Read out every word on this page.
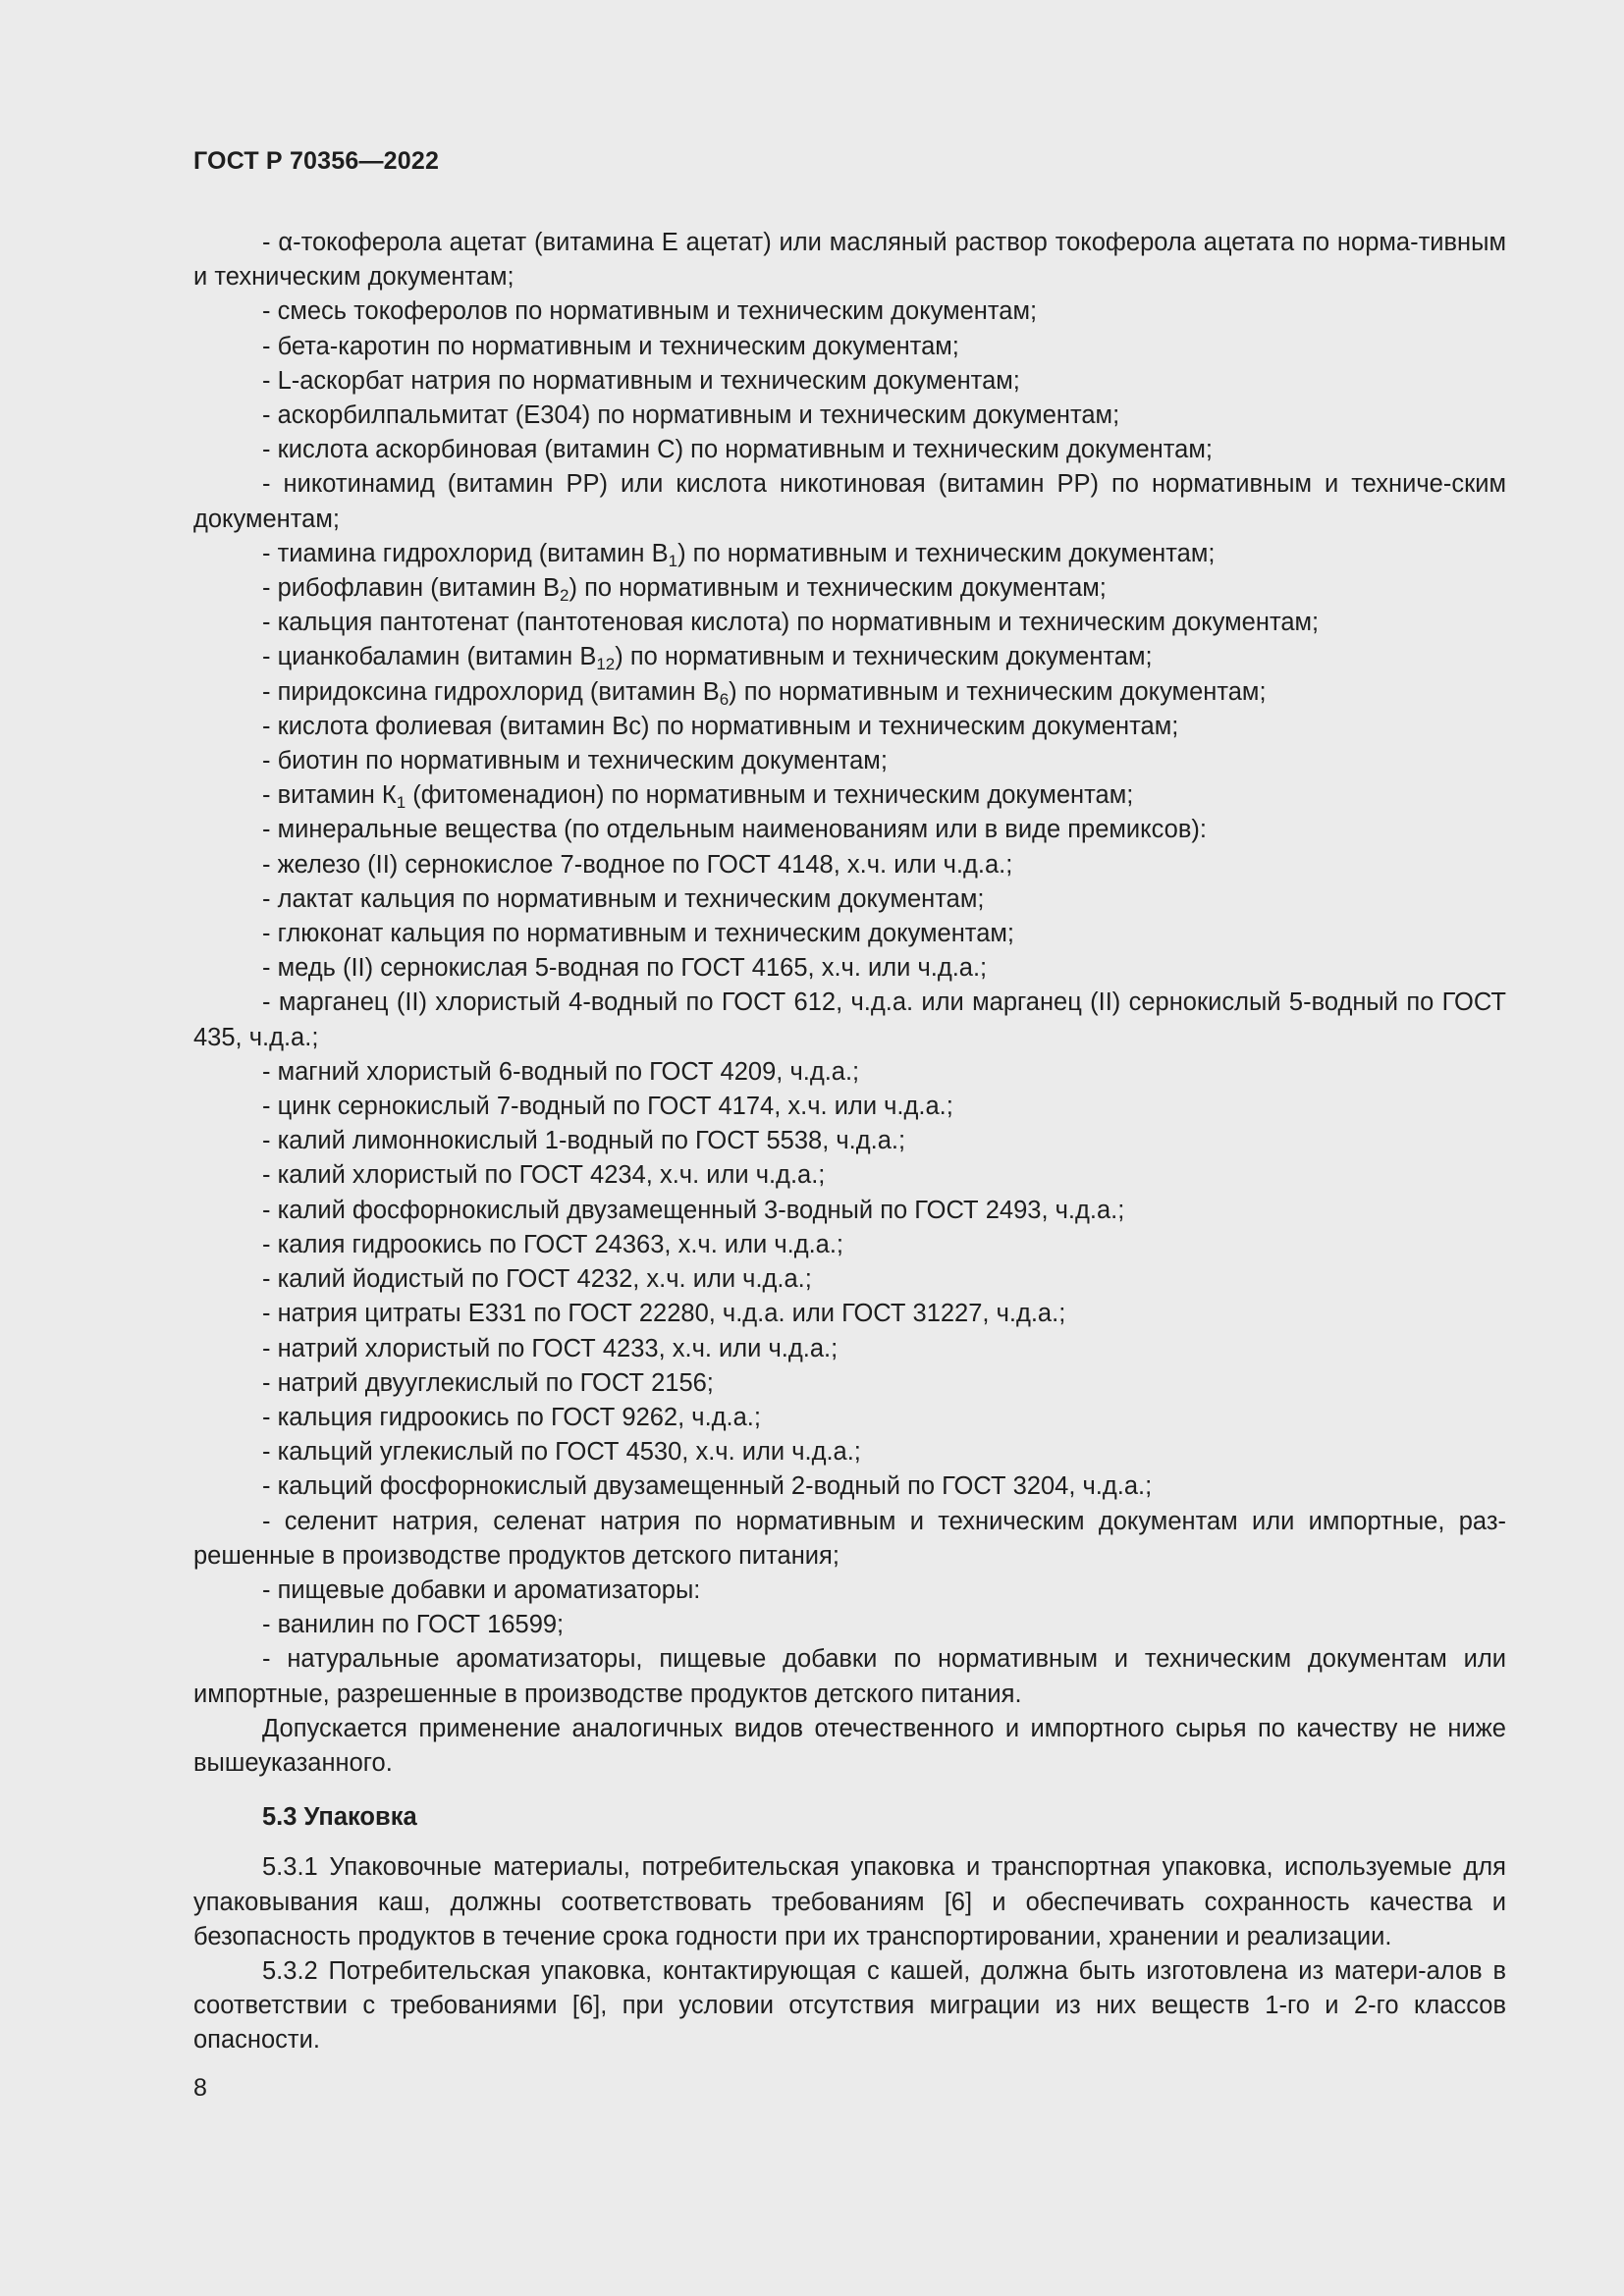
ГОСТ Р 70356—2022

- α-токоферола ацетат (витамина Е ацетат) или масляный раствор токоферола ацетата по норма-тивным и техническим документам;

- смесь токоферолов по нормативным и техническим документам;

- бета-каротин по нормативным и техническим документам;

- L-аскорбат натрия по нормативным и техническим документам;

- аскорбилпальмитат (Е304) по нормативным и техническим документам;

- кислота аскорбиновая (витамин С) по нормативным и техническим документам;

- никотинамид (витамин РР) или кислота никотиновая (витамин РР) по нормативным и техниче-ским документам;

- тиамина гидрохлорид (витамин $В_1$) по нормативным и техническим документам;

- рибофлавин (витамин $В_2$) по нормативным и техническим документам;

- кальция пантотенат (пантотеновая кислота) по нормативным и техническим документам;

- цианкобаламин (витамин $В_{12}$) по нормативным и техническим документам;

- пиридоксина гидрохлорид (витамин $В_6$) по нормативным и техническим документам;

- кислота фолиевая (витамин Вс) по нормативным и техническим документам;

- биотин по нормативным и техническим документам;

- витамин $К_1$ (фитоменадион) по нормативным и техническим документам;

- минеральные вещества (по отдельным наименованиям или в виде премиксов):

- железо (II) сернокислое 7-водное по ГОСТ 4148, х.ч. или ч.д.а.;

- лактат кальция по нормативным и техническим документам;

- глюконат кальция по нормативным и техническим документам;

- медь (II) сернокислая 5-водная по ГОСТ 4165, х.ч. или ч.д.а.;

- марганец (II) хлористый 4-водный по ГОСТ 612, ч.д.а. или марганец (II) сернокислый 5-водный по ГОСТ 435, ч.д.а.;

- магний хлористый 6-водный по ГОСТ 4209, ч.д.а.;

- цинк сернокислый 7-водный по ГОСТ 4174, х.ч. или ч.д.а.;

- калий лимоннокислый 1-водный по ГОСТ 5538, ч.д.а.;

- калий хлористый по ГОСТ 4234, х.ч. или ч.д.а.;

- калий фосфорнокислый двузамещенный 3-водный по ГОСТ 2493, ч.д.а.;

- калия гидроокись по ГОСТ 24363, х.ч. или ч.д.а.;

- калий йодистый по ГОСТ 4232, х.ч. или ч.д.а.;

- натрия цитраты Е331 по ГОСТ 22280, ч.д.а. или ГОСТ 31227, ч.д.а.;

- натрий хлористый по ГОСТ 4233, х.ч. или ч.д.а.;

- натрий двууглекислый по ГОСТ 2156;

- кальция гидроокись по ГОСТ 9262, ч.д.а.;

- кальций углекислый по ГОСТ 4530, х.ч. или ч.д.а.;

- кальций фосфорнокислый двузамещенный 2-водный по ГОСТ 3204, ч.д.а.;

- селенит натрия, селенат натрия по нормативным и техническим документам или импортные, раз-решенные в производстве продуктов детского питания;

- пищевые добавки и ароматизаторы:

- ванилин по ГОСТ 16599;

- натуральные ароматизаторы, пищевые добавки по нормативным и техническим документам или импортные, разрешенные в производстве продуктов детского питания.

Допускается применение аналогичных видов отечественного и импортного сырья по качеству не ниже вышеуказанного.

5.3 Упаковка

5.3.1 Упаковочные материалы, потребительская упаковка и транспортная упаковка, используемые для упаковывания каш, должны соответствовать требованиям [6] и обеспечивать сохранность качества и безопасность продуктов в течение срока годности при их транспортировании, хранении и реализации.

5.3.2 Потребительская упаковка, контактирующая с кашей, должна быть изготовлена из матери-алов в соответствии с требованиями [6], при условии отсутствия миграции из них веществ 1-го и 2-го классов опасности.

8
